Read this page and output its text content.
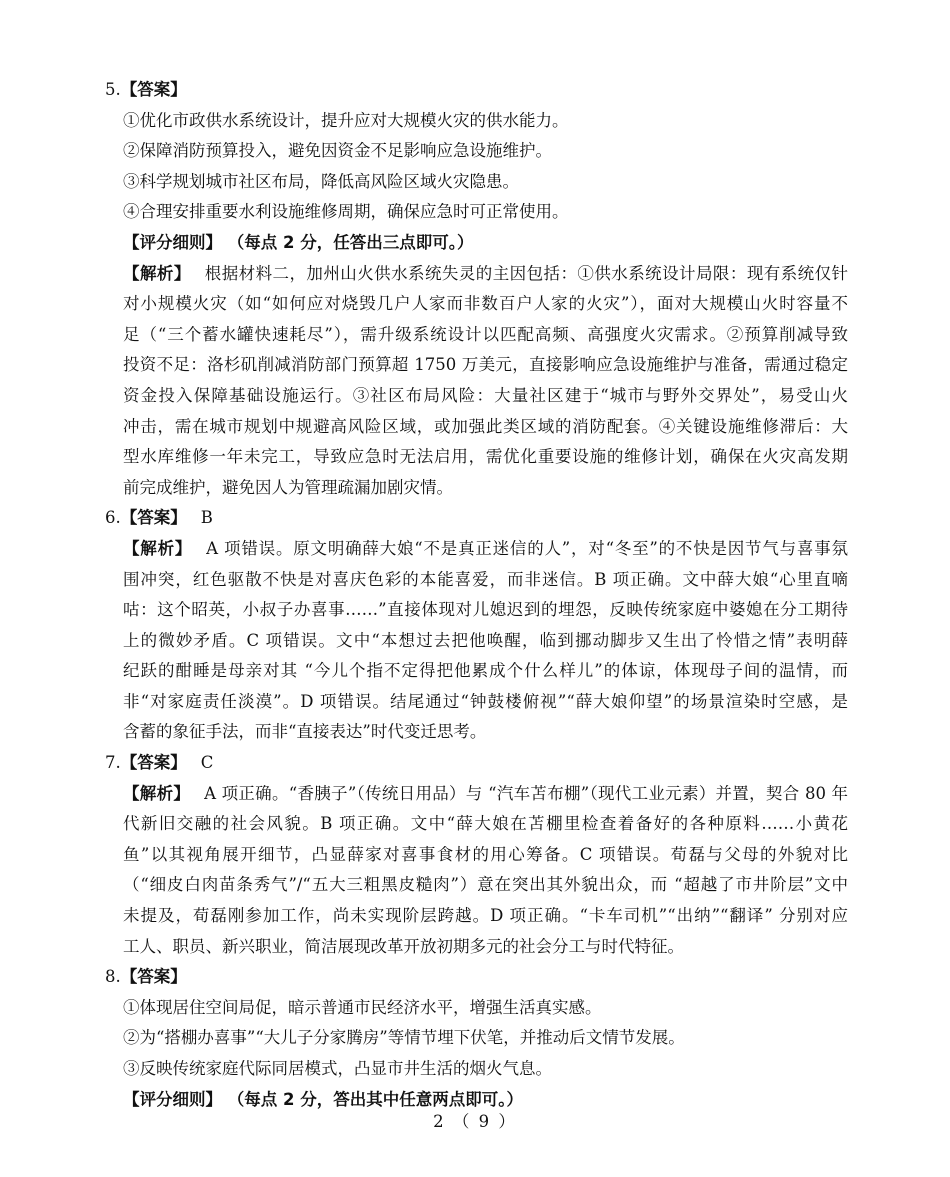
5.【答案】
①优化市政供水系统设计，提升应对大规模火灾的供水能力。
②保障消防预算投入，避免因资金不足影响应急设施维护。
③科学规划城市社区布局，降低高风险区域火灾隐患。
④合理安排重要水利设施维修周期，确保应急时可正常使用。
【评分细则】 （每点 2 分，任答出三点即可。）
【解析】 根据材料二，加州山火供水系统失灵的主因包括：①供水系统设计局限：现有系统仅针
对小规模火灾（如“如何应对烧毁几户人家而非数百户人家的火灾”），面对大规模山火时容量不
足（“三个蓄水罐快速耗尽”），需升级系统设计以匹配高频、高强度火灾需求。②预算削减导致
投资不足：洛杉矶削减消防部门预算超 1750 万美元，直接影响应急设施维护与准备，需通过稳定
资金投入保障基础设施运行。③社区布局风险：大量社区建于“城市与野外交界处”，易受山火
冲击，需在城市规划中规避高风险区域，或加强此类区域的消防配套。④关键设施维修滞后：大
型水库维修一年未完工，导致应急时无法启用，需优化重要设施的维修计划，确保在火灾高发期
前完成维护，避免因人为管理疏漏加剧灾情。
6.【答案】 B
【解析】 A 项错误。原文明确薛大娘“不是真正迷信的人”，对“冬至”的不快是因节气与喜事氛
围冲突，红色驱散不快是对喜庆色彩的本能喜爱，而非迷信。B 项正确。文中薛大娘“心里直嘀
咕：这个昭英，小叔子办喜事……”直接体现对儿媳迟到的埋怨，反映传统家庭中婆媳在分工期待
上的微妙矛盾。C 项错误。文中“本想过去把他唤醒，临到挪动脚步又生出了怜惜之情”表明薛
纪跃的酣睡是母亲对其 “今儿个指不定得把他累成个什么样儿”的体谅，体现母子间的温情，而
非“对家庭责任淡漠”。D 项错误。结尾通过“钟鼓楼俯视”“薛大娘仰望”的场景渲染时空感，是
含蓄的象征手法，而非“直接表达”时代变迁思考。
7.【答案】 C
【解析】 A 项正确。“香胰子”（传统日用品）与 “汽车苫布棚”（现代工业元素）并置，契合 80 年
代新旧交融的社会风貌。B 项正确。文中“薛大娘在苫棚里检查着备好的各种原料……小黄花
鱼”以其视角展开细节，凸显薛家对喜事食材的用心筹备。C 项错误。荀磊与父母的外貌对比
（“细皮白肉苗条秀气”/“五大三粗黑皮糙肉”）意在突出其外貌出众，而 “超越了市井阶层”文中
未提及，荀磊刚参加工作，尚未实现阶层跨越。D 项正确。“卡车司机”“出纳”“翻译” 分别对应
工人、职员、新兴职业，简洁展现改革开放初期多元的社会分工与时代特征。
8.【答案】
①体现居住空间局促，暗示普通市民经济水平，增强生活真实感。
②为“搭棚办喜事”“大儿子分家腾房”等情节埋下伏笔，并推动后文情节发展。
③反映传统家庭代际同居模式，凸显市井生活的烟火气息。
【评分细则】 （每点 2 分，答出其中任意两点即可。）
2 （ 9 ）
